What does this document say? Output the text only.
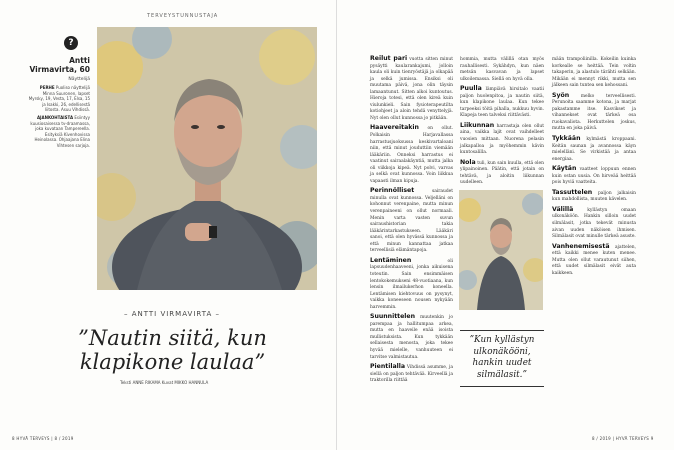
TERVEYSTUNNUSTAJA
?
Antti Virmavirta, 60
Näyttelijä
PERHE Puoliso näyttelijä Minna Suuronen, lapset Myrsky, 19, Vesta, 17, Elsa, 15 ja Isakki, 26, edellisestä liitosta. Asuu Vihdissä.
AJANKOHTAISTA Esiintyy kuusiosaisessa tv-draamassa, joka kuvataan Tampereella. Esityksiä Kivenhovissa Heinolassa. Ohjaajana Elina Vihtesen sarjoja.
– ANTTI VIRMAVIRTA –
”Nautin siitä, kun klapikone laulaa”
Teksti ANNE RIKAMA Kuvat MIKKO HANNULA
8 HYVÄ TERVEYS | 8 / 2019	8 / 2019 | HYVÄ TERVEYS 9

Reilut pari vuotta sitten minut pysäytti kaularankajumi, jolloin kaula oli kuin tienryöstäjä ja olkapää ja selkä jumissa. Ensiksi oli muutama päivä, jona olin täysin lamaantunut. Sitten alkoi kuntoutus. Hieroja totesi, että olen kireä kuin viulunkieli. Sain fysioterapeutilta kotiohjeet ja aloin tehdä venyttelyjä. Nyt olen ollut kunnossa jo pitkään.

Haavereitakin on ollut. Polkaisin Harjavallassa harrastusjuoksussa keskivartaloani niin, että minut jouduttiin viemään lääkäriin. Onneksi harrastus ei vaatinut sairaalakäyntiä, mutta jalka oli viikkoja kipeä. Nyt polvi, varvas ja selkä ovat kunnossa. Voin liikkua vapaasti ilman kipuja.

Perinnölliset	sairaudet minulla ovat kunnossa. Veljelläni on kohonnut verenpaine, mutta minun verenpaineeni on ollut normaali. Menin varta vasten suvun sairaushistorian takia lääkärintarkastukseen. Lääkäri sanoi, että olen hyvässä kunnossa ja että minun kannattaa jatkaa terveellisiä elämäntapoja.

Lentäminen	oli lapsuudenhaaveeni, jonka aikuisena toteutin. Sain ensimmäisen lentokokemukseni 48-vuotiaana, kun lensin ilmailukerhon koneella. Lentämisen kiehtovuus on pysynyt, vaikka koneeseen nousen nykyään harvemmin.

Suunnittelen muutenkin jo parempaa ja hallitumpaa arkea, mutta en haaveile enää isoista mullistuksista. Kun tykkään sellaisesta menosta, joka tekee hyvää mielelle, vanhuuteen ei tarvitse valmistautua.

Pientilalla Vihdissä asumme, ja siellä on paljon tehtävää. Kirveellä ja traktorilla riittää

hommia, mutta välillä otan myös rauhallisesti. Sykähdyn, kun näen metsän kasvavan ja lapset ulkoilemassa. Siellä on hyvä olla.

Puulla lämpiävä hirsitalo vaatii paljon huolenpitoa, ja nautin siitä, kun klapikone laulaa. Kun tekee tarpeeksi töitä pihalla, nukkuu hyvin. Klapeja teen talveksi riittävästi.

Liikunnan harrastaja olen ollut aina, vaikka lajit ovat vaihdelleet vuosien mittaan. Nuorena pelasin jalkapalloa ja myöhemmin kävin kuntosalilla.

Nola tuli, kun sain kuulla, että olen ylipainoinen. Päätin, että jotain on tehtävä, ja aloitin liikunnan uudelleen.

”Kun kyllästyn ulkonäkööni, hankin uudet silmälasit.”

mään trampoliinilla. Kokeilin kuinka korkealle se heittää. Tein voltin takaperin, ja alastulo tärähti selkään. Mikään ei mennyt rikki, mutta sen jälkeen sain tuntea sen kehossani.

Syön	melko terveellisesti. Perunoita saamme kotona, ja marjat pakastamme itse. Kasvikset ja vihannekset ovat tärkeä osa ruokavaliota. Herkuttelen joskus, mutta en joka päivä.

Tykkään kylmästä kroppaani. Keitän saunan ja avannossa käyn mielelläni. Se virkistää ja antaa energiaa.

Käytän vaatteet loppuun ennen kuin ostan uusia. On hirveää heittää pois hyviä vaatteita.

Tassuttelen paljon jalkaisin kun mahdollista, muuten kävelen.

Välillä	kyllästyn omaan ulkonäköön. Hankin silloin uudet silmälasit, jotka tekevät minusta aivan uuden näköisen ihmisen. Silmälasit ovat minulle tärkeä asuste.

Vanhenemisestä ajattelen, että kaikki menee kuten menee. Mutta olen ollut varautunut siihen, että uudet silmälasit eivät auta kaikkeen.
